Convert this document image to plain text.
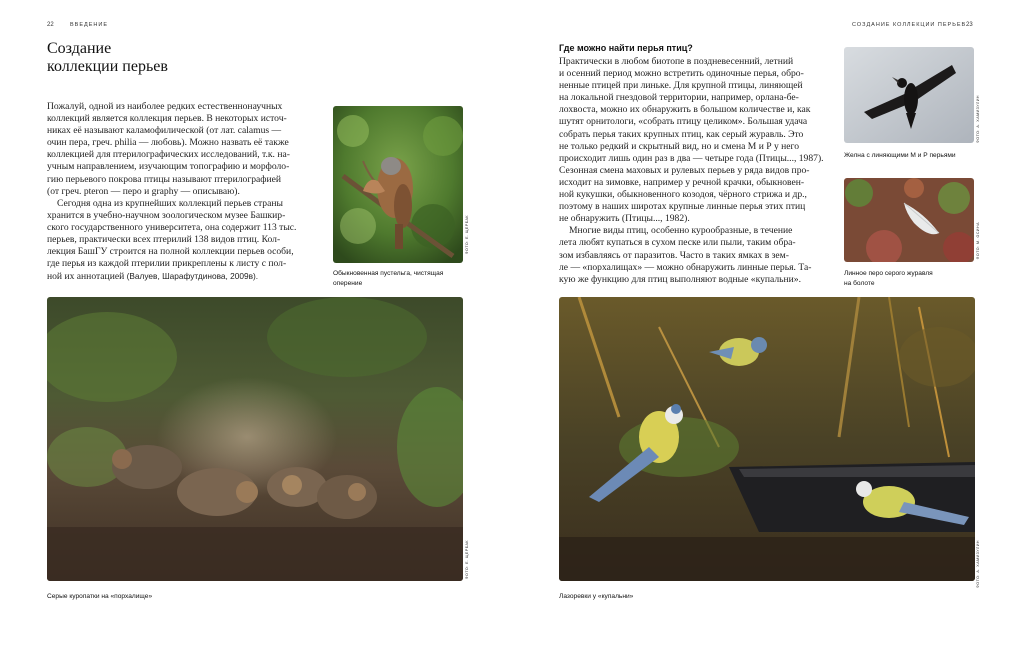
22	ВВЕДЕНИЕ
Создание
коллекции перьев
Пожалуй, одной из наиболее редких естественнонаучных
коллекций является коллекция перьев. В некоторых источ-
никах её называют каламофилической (от лат. calamus —
очин пера, греч. philia — любовь). Можно назвать её также
коллекцией для птерилографических исследований, т.к. на-
учным направлением, изучающим топографию и морфоло-
гию перьевого покрова птицы называют птерилографией
(от греч. pteron — перо и graphy — описываю).
Сегодня одна из крупнейших коллекций перьев страны
хранится в учебно-научном зоологическом музее Башкир-
ского государственного университета, она содержит 113 тыс.
перьев, практически всех птерилий 138 видов птиц. Кол-
лекция БашГУ строится на полной коллекции перьев особи,
где перья из каждой птерилии прикреплены к листу с пол-
ной их аннотацией (Валуев, Шарафутдинова, 2009в).
ФОТО: Е. ЩЕРБАК
Обыкновенная пустельга, чистящая
оперение
ФОТО: Е. ЩЕРБАК
Серые куропатки на «порхалище»
СОЗДАНИЕ КОЛЛЕКЦИИ ПЕРЬЕВ 23
Где можно найти перья птиц?
Практически в любом биотопе в поздневесенний, летний
и осенний период можно встретить одиночные перья, обро-
ненные птицей при линьке. Для крупной птицы, линяющей
на локальной гнездовой территории, например, орлана-бе-
лохвоста, можно их обнаружить в большом количестве и, как
шутят орнитологи, «собрать птицу целиком». Большая удача
собрать перья таких крупных птиц, как серый журавль. Это
не только редкий и скрытный вид, но и смена М и Р у него
происходит лишь один раз в два — четыре года (Птицы..., 1987).
Сезонная смена маховых и рулевых перьев у ряда видов про-
исходит на зимовке, например у речной крачки, обыкновен-
ной кукушки, обыкновенного козодоя, чёрного стрижа и др.,
поэтому в наших широтах крупные линные перья этих птиц
не обнаружить (Птицы..., 1982).
Многие виды птиц, особенно курообразные, в течение
лета любят купаться в сухом песке или пыли, таким обра-
зом избавляясь от паразитов. Часто в таких ямках в зем-
ле — «порхалищах» — можно обнаружить линные перья. Та-
кую же функцию для птиц выполняют водные «купальни».
ФОТО: А. ХАМИЗУЛИН
Желна с линяющими М и Р перьями
ФОТО: М. ОСИНА
Линное перо серого журавля
на болоте
ФОТО: А. ХАМИЗУЛИН
Лазоревки у «купальни»
